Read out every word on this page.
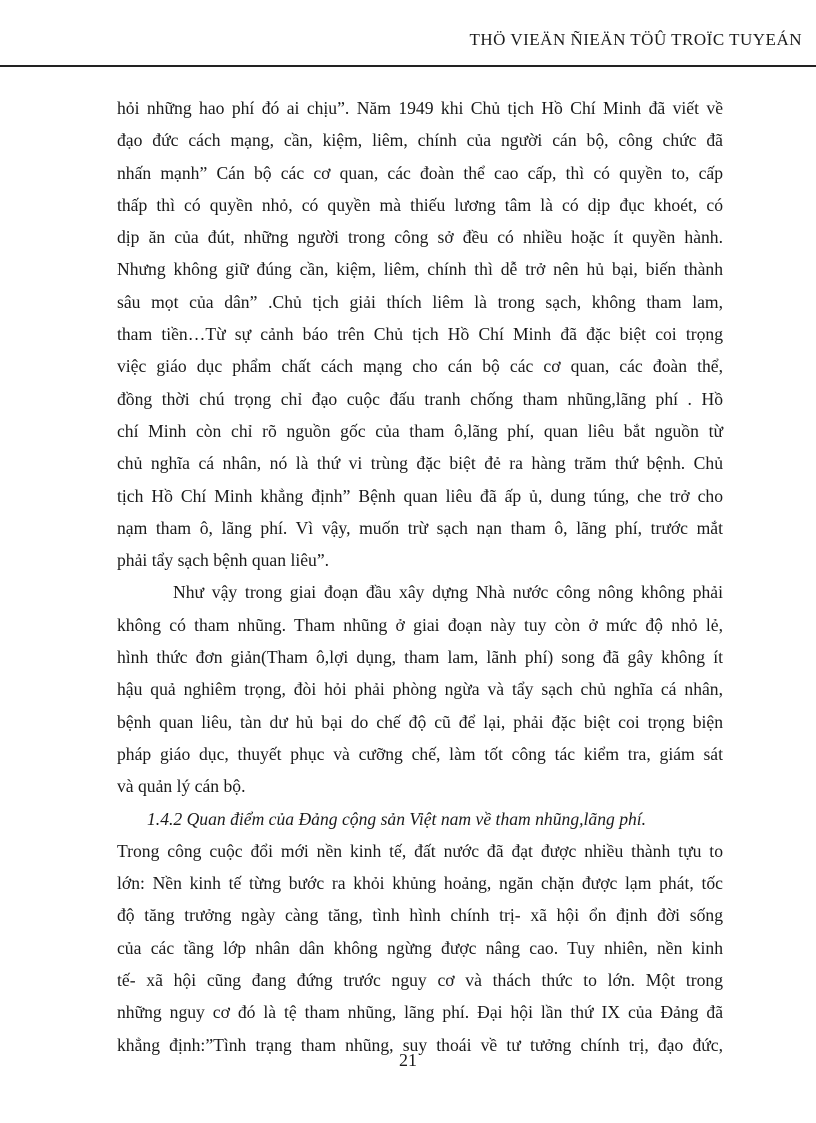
THÖ VIEÄN ÑIEÄN TÖÛ TROÏC TUYEÁN
hỏi những hao phí đó ai chịu”. Năm 1949 khi Chủ tịch Hồ Chí Minh đã viết về
đạo đức cách mạng, cần, kiệm, liêm, chính của người cán bộ, công chức đã
nhấn mạnh” Cán bộ các cơ quan, các đoàn thể cao cấp, thì có quyền to, cấp
thấp thì có quyền nhỏ, có quyền mà thiếu lương tâm là có dịp đục khoét, có
dịp ăn của đút, những người trong công sở đều có nhiều hoặc ít quyền hành.
Nhưng không giữ đúng cần, kiệm, liêm, chính thì dễ trở nên hủ bại, biến thành
sâu mọt của dân” .Chủ tịch giải thích liêm là trong sạch, không tham lam,
tham tiền…Từ sự cảnh báo trên Chủ tịch Hồ Chí Minh đã đặc biệt coi trọng
việc giáo dục phẩm chất cách mạng cho cán bộ các cơ quan, các đoàn thể,
đồng thời chú trọng chỉ đạo cuộc đấu tranh chống tham nhũng,lãng phí . Hồ
chí Minh còn chỉ rõ nguồn gốc của tham ô,lãng phí, quan liêu bắt nguồn từ
chủ nghĩa cá nhân, nó là thứ vi trùng đặc biệt đẻ ra hàng trăm thứ bệnh. Chủ
tịch Hồ Chí Minh khẳng định” Bệnh quan liêu đã ấp ủ, dung túng, che trở cho
nạm tham ô, lãng phí. Vì vậy, muốn trừ sạch nạn tham ô, lãng phí, trước mắt
phải tẩy sạch bệnh quan liêu”.
Như vậy trong giai đoạn đầu xây dựng Nhà nước công nông không phải
không có tham nhũng. Tham nhũng ở giai đoạn này tuy còn ở mức độ nhỏ lẻ,
hình thức đơn giản(Tham ô,lợi dụng, tham lam, lãnh phí) song đã gây không ít
hậu quả nghiêm trọng, đòi hỏi phải phòng ngừa và tẩy sạch chủ nghĩa cá nhân,
bệnh quan liêu, tàn dư hủ bại do chế độ cũ để lại, phải đặc biệt coi trọng biện
pháp giáo dục, thuyết phục và cưỡng chế, làm tốt công tác kiểm tra, giám sát
và quản lý cán bộ.
1.4.2 Quan điểm của Đảng cộng sản Việt nam về tham nhũng,lãng phí.
Trong công cuộc đổi mới nền kinh tế, đất nước đã đạt được nhiều thành tựu to
lớn: Nền kinh tế từng bước ra khỏi khủng hoảng, ngăn chặn được lạm phát, tốc
độ tăng trưởng ngày càng tăng, tình hình chính trị- xã hội ổn định đời sống
của các tầng lớp nhân dân không ngừng được nâng cao. Tuy nhiên, nền kinh
tế- xã hội cũng đang đứng trước nguy cơ và thách thức to lớn. Một trong
những nguy cơ đó là tệ tham nhũng, lãng phí. Đại hội lần thứ IX của Đảng đã
khẳng định:”Tình trạng tham nhũng, suy thoái về tư tưởng chính trị, đạo đức,
21
